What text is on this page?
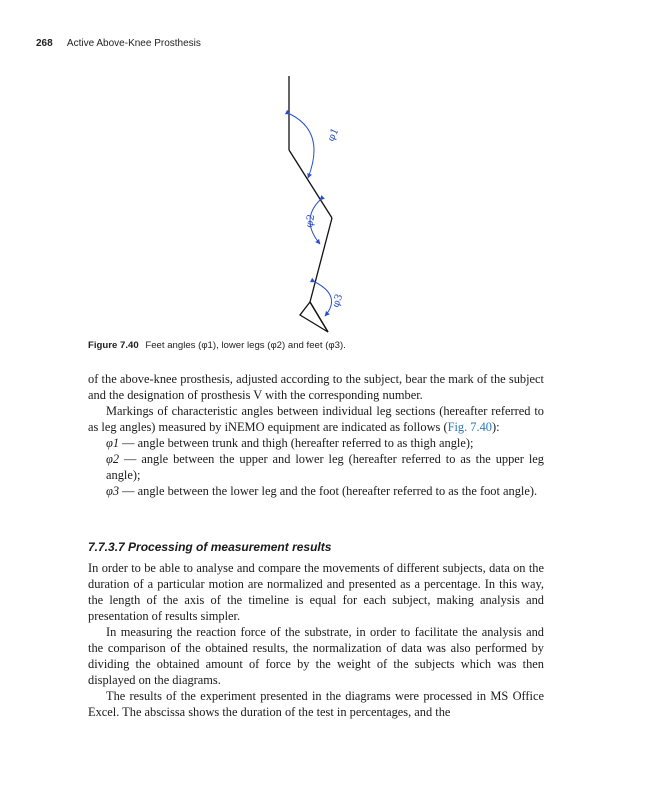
268 Active Above-Knee Prosthesis
φ1
φ2
φ3
Figure 7.40 Feet angles (φ1), lower legs (φ2) and feet (φ3).

of the above-knee prosthesis, adjusted according to the subject, bear the mark of the subject and the designation of prosthesis V with the corresponding number.

Markings of characteristic angles between individual leg sections (hereafter referred to as leg angles) measured by iNEMO equipment are indicated as follows (Fig. 7.40):

φ1 — angle between trunk and thigh (hereafter referred to as thigh angle);

φ2 — angle between the upper and lower leg (hereafter referred to as the upper leg angle);

φ3 — angle between the lower leg and the foot (hereafter referred to as the foot angle).

7.7.3.7 Processing of measurement results

In order to be able to analyse and compare the movements of different subjects, data on the duration of a particular motion are normalized and presented as a percentage. In this way, the length of the axis of the timeline is equal for each subject, making analysis and presentation of results simpler.

In measuring the reaction force of the substrate, in order to facilitate the analysis and the comparison of the obtained results, the normalization of data was also performed by dividing the obtained amount of force by the weight of the subjects which was then displayed on the diagrams.

The results of the experiment presented in the diagrams were processed in MS Office Excel. The abscissa shows the duration of the test in percentages, and the
